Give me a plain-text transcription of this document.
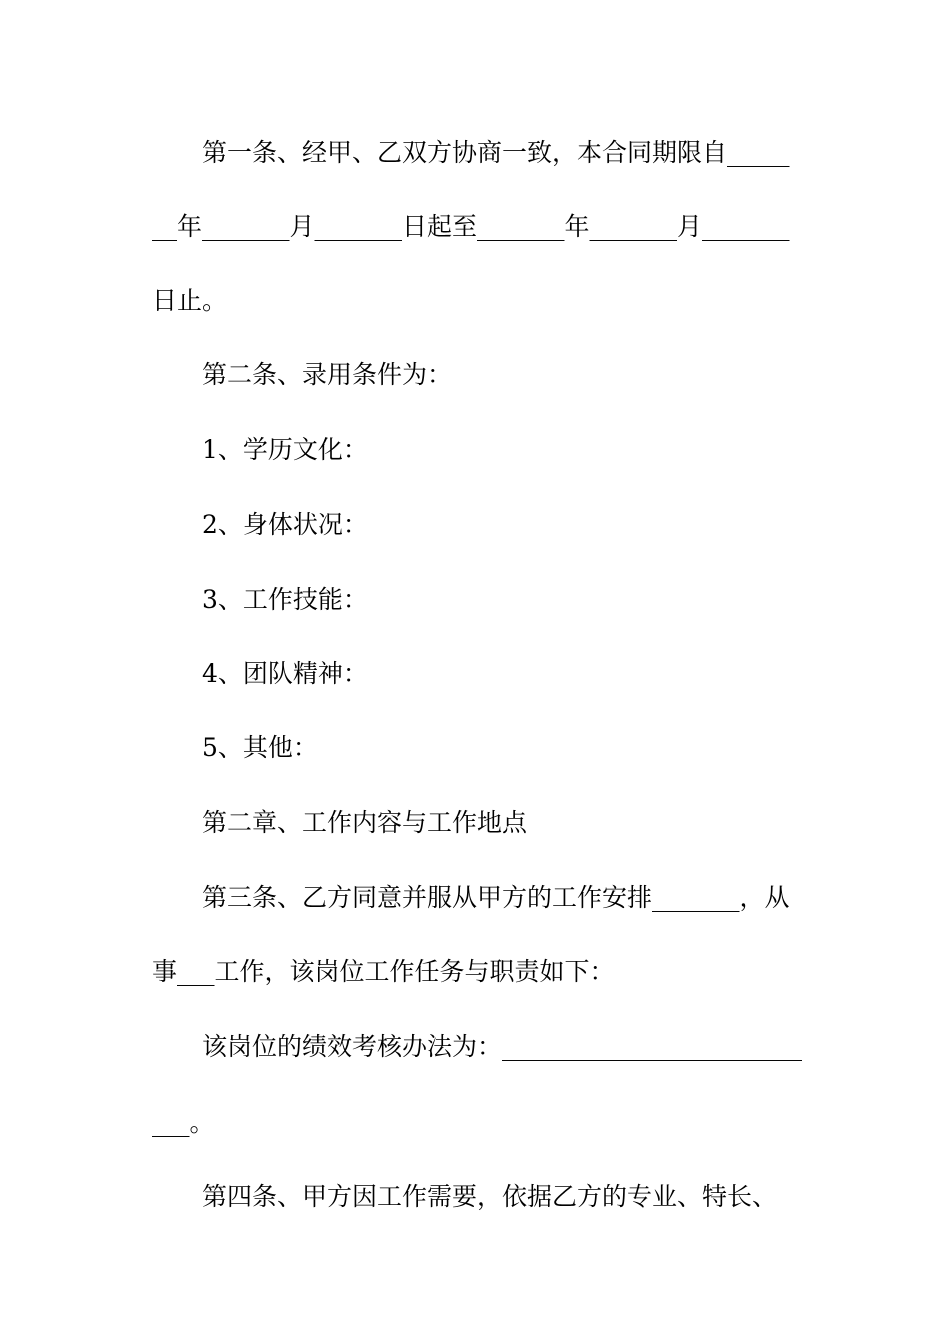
第一条、经甲、乙双方协商一致，本合同期限自_____
__年_______月_______日起至_______年_______月_______
日止。
第二条、录用条件为：
1、学历文化：
2、身体状况：
3、工作技能：
4、团队精神：
5、其他：
第二章、工作内容与工作地点
第三条、乙方同意并服从甲方的工作安排_______，从
事___工作，该岗位工作任务与职责如下：
该岗位的绩效考核办法为：________________________
___。
第四条、甲方因工作需要，依据乙方的专业、特长、
